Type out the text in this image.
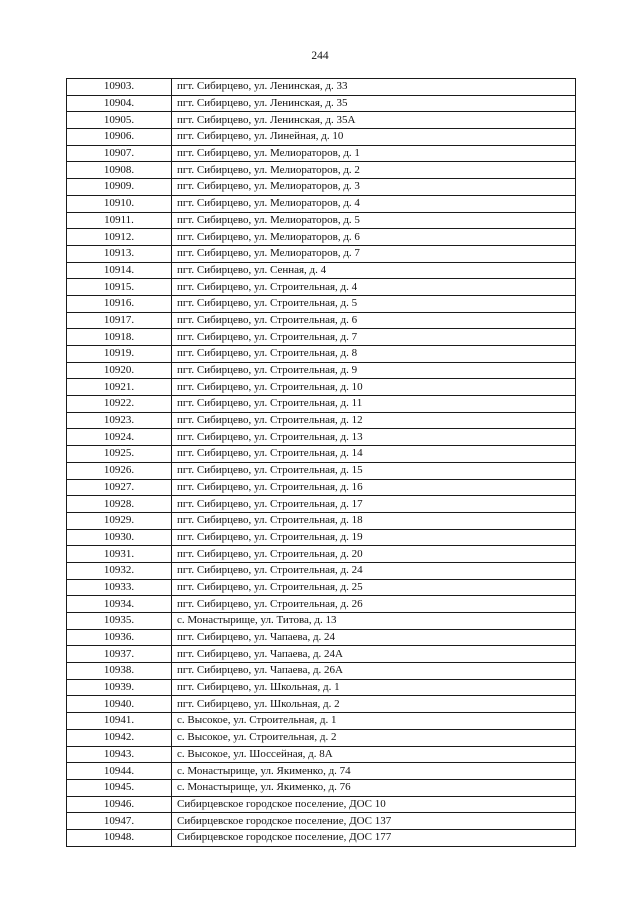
244
10903.	пгт. Сибирцево, ул. Ленинская, д. 33
10904.	пгт. Сибирцево, ул. Ленинская, д. 35
10905.	пгт. Сибирцево, ул. Ленинская, д. 35А
10906.	пгт. Сибирцево, ул. Линейная, д. 10
10907.	пгт. Сибирцево, ул. Мелиораторов, д. 1
10908.	пгт. Сибирцево, ул. Мелиораторов, д. 2
10909.	пгт. Сибирцево, ул. Мелиораторов, д. 3
10910.	пгт. Сибирцево, ул. Мелиораторов, д. 4
10911.	пгт. Сибирцево, ул. Мелиораторов, д. 5
10912.	пгт. Сибирцево, ул. Мелиораторов, д. 6
10913.	пгт. Сибирцево, ул. Мелиораторов, д. 7
10914.	пгт. Сибирцево, ул. Сенная, д. 4
10915.	пгт. Сибирцево, ул. Строительная, д. 4
10916.	пгт. Сибирцево, ул. Строительная, д. 5
10917.	пгт. Сибирцево, ул. Строительная, д. 6
10918.	пгт. Сибирцево, ул. Строительная, д. 7
10919.	пгт. Сибирцево, ул. Строительная, д. 8
10920.	пгт. Сибирцево, ул. Строительная, д. 9
10921.	пгт. Сибирцево, ул. Строительная, д. 10
10922.	пгт. Сибирцево, ул. Строительная, д. 11
10923.	пгт. Сибирцево, ул. Строительная, д. 12
10924.	пгт. Сибирцево, ул. Строительная, д. 13
10925.	пгт. Сибирцево, ул. Строительная, д. 14
10926.	пгт. Сибирцево, ул. Строительная, д. 15
10927.	пгт. Сибирцево, ул. Строительная, д. 16
10928.	пгт. Сибирцево, ул. Строительная, д. 17
10929.	пгт. Сибирцево, ул. Строительная, д. 18
10930.	пгт. Сибирцево, ул. Строительная, д. 19
10931.	пгт. Сибирцево, ул. Строительная, д. 20
10932.	пгт. Сибирцево, ул. Строительная, д. 24
10933.	пгт. Сибирцево, ул. Строительная, д. 25
10934.	пгт. Сибирцево, ул. Строительная, д. 26
10935.	с. Монастырище, ул. Титова, д. 13
10936.	пгт. Сибирцево, ул. Чапаева, д. 24
10937.	пгт. Сибирцево, ул. Чапаева, д. 24А
10938.	пгт. Сибирцево, ул. Чапаева, д. 26А
10939.	пгт. Сибирцево, ул. Школьная, д. 1
10940.	пгт. Сибирцево, ул. Школьная, д. 2
10941.	с. Высокое, ул. Строительная, д. 1
10942.	с. Высокое, ул. Строительная, д. 2
10943.	с. Высокое, ул. Шоссейная, д. 8А
10944.	с. Монастырище, ул. Якименко, д. 74
10945.	с. Монастырище, ул. Якименко, д. 76
10946.	Сибирцевское городское поселение, ДОС 10
10947.	Сибирцевское городское поселение, ДОС 137
10948.	Сибирцевское городское поселение, ДОС 177
